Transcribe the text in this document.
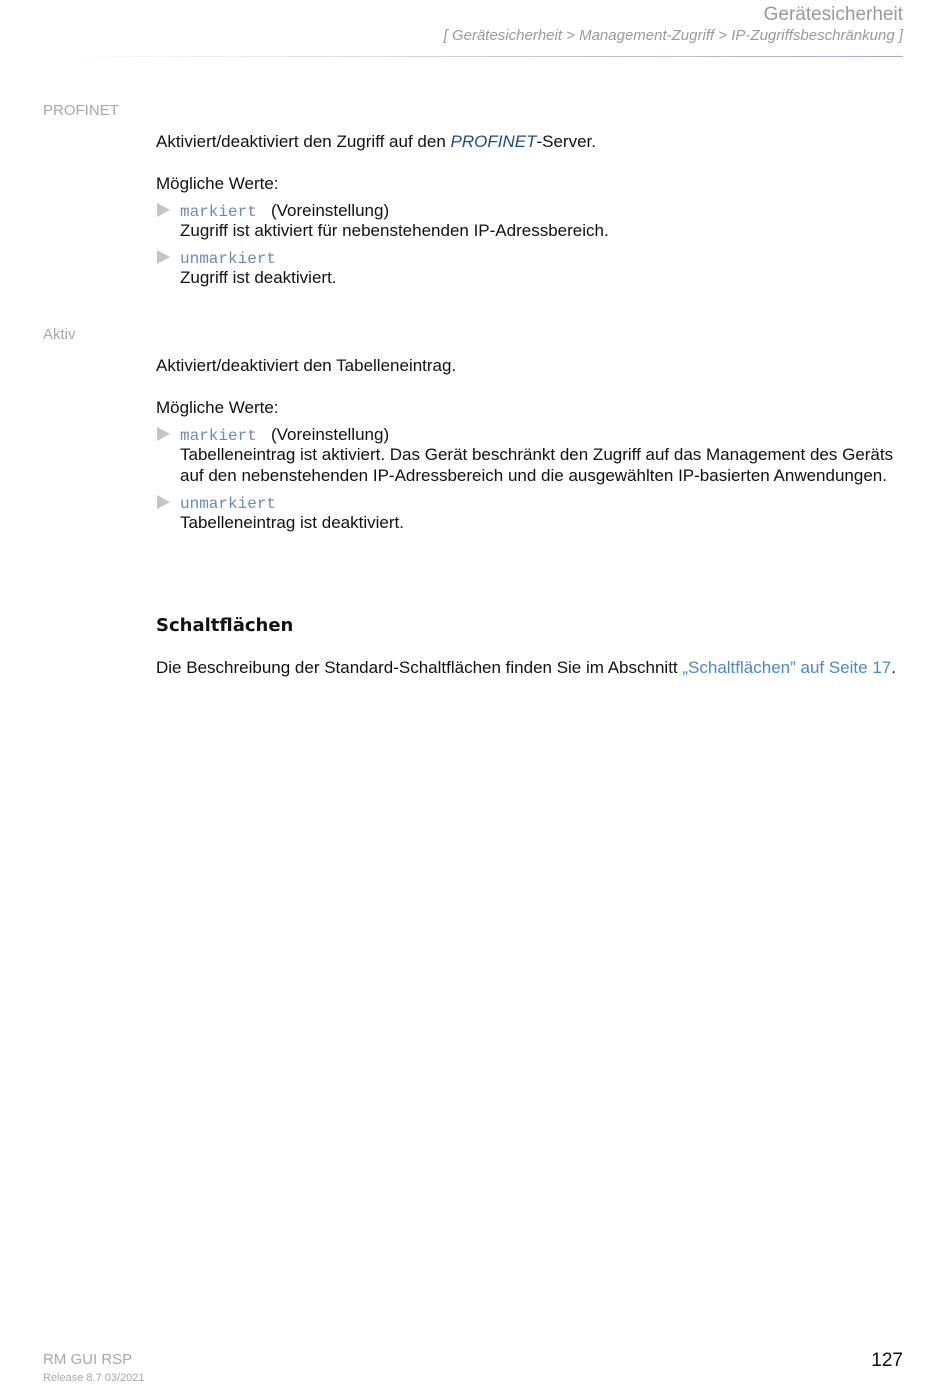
Gerätesicherheit
[ Gerätesicherheit > Management-Zugriff > IP-Zugriffsbeschränkung ]
PROFINET
Aktiviert/deaktiviert den Zugriff auf den PROFINET-Server.
Mögliche Werte:
markiert (Voreinstellung)
Zugriff ist aktiviert für nebenstehenden IP-Adressbereich.
unmarkiert
Zugriff ist deaktiviert.
Aktiv
Aktiviert/deaktiviert den Tabelleneintrag.
Mögliche Werte:
markiert (Voreinstellung)
Tabelleneintrag ist aktiviert. Das Gerät beschränkt den Zugriff auf das Management des Geräts
auf den nebenstehenden IP-Adressbereich und die ausgewählten IP-basierten Anwendungen.
unmarkiert
Tabelleneintrag ist deaktiviert.
Schaltflächen
Die Beschreibung der Standard-Schaltflächen finden Sie im Abschnitt „Schaltflächen” auf Seite 17.
RM GUI RSP
Release 8.7 03/2021
127
